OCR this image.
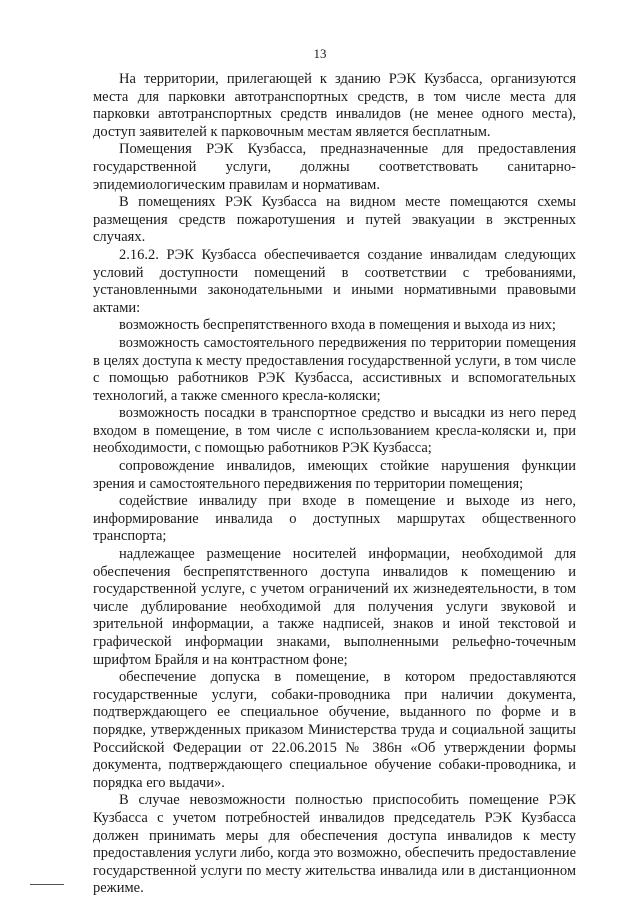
13

На территории, прилегающей к зданию РЭК Кузбасса, организуются места для парковки автотранспортных средств, в том числе места для парковки автотранспортных средств инвалидов (не менее одного места), доступ заявителей к парковочным местам является бесплатным.

Помещения РЭК Кузбасса, предназначенные для предоставления государственной услуги, должны соответствовать санитарно-эпидемиологическим правилам и нормативам.

В помещениях РЭК Кузбасса на видном месте помещаются схемы размещения средств пожаротушения и путей эвакуации в экстренных случаях.

2.16.2. РЭК Кузбасса обеспечивается создание инвалидам следующих условий доступности помещений в соответствии с требованиями, установленными законодательными и иными нормативными правовыми актами:

возможность беспрепятственного входа в помещения и выхода из них;

возможность самостоятельного передвижения по территории помещения в целях доступа к месту предоставления государственной услуги, в том числе с помощью работников РЭК Кузбасса, ассистивных и вспомогательных технологий, а также сменного кресла-коляски;

возможность посадки в транспортное средство и высадки из него перед входом в помещение, в том числе с использованием кресла-коляски и, при необходимости, с помощью работников РЭК Кузбасса;

сопровождение инвалидов, имеющих стойкие нарушения функции зрения и самостоятельного передвижения по территории помещения;

содействие инвалиду при входе в помещение и выходе из него, информирование инвалида о доступных маршрутах общественного транспорта;

надлежащее размещение носителей информации, необходимой для обеспечения беспрепятственного доступа инвалидов к помещению и государственной услуге, с учетом ограничений их жизнедеятельности, в том числе дублирование необходимой для получения услуги звуковой и зрительной информации, а также надписей, знаков и иной текстовой и графической информации знаками, выполненными рельефно-точечным шрифтом Брайля и на контрастном фоне;

обеспечение допуска в помещение, в котором предоставляются государственные услуги, собаки-проводника при наличии документа, подтверждающего ее специальное обучение, выданного по форме и в порядке, утвержденных приказом Министерства труда и социальной защиты Российской Федерации от 22.06.2015 № 386н «Об утверждении формы документа, подтверждающего специальное обучение собаки-проводника, и порядка его выдачи».

В случае невозможности полностью приспособить помещение РЭК Кузбасса с учетом потребностей инвалидов председатель РЭК Кузбасса должен принимать меры для обеспечения доступа инвалидов к месту предоставления услуги либо, когда это возможно, обеспечить предоставление государственной услуги по месту жительства инвалида или в дистанционном режиме.
